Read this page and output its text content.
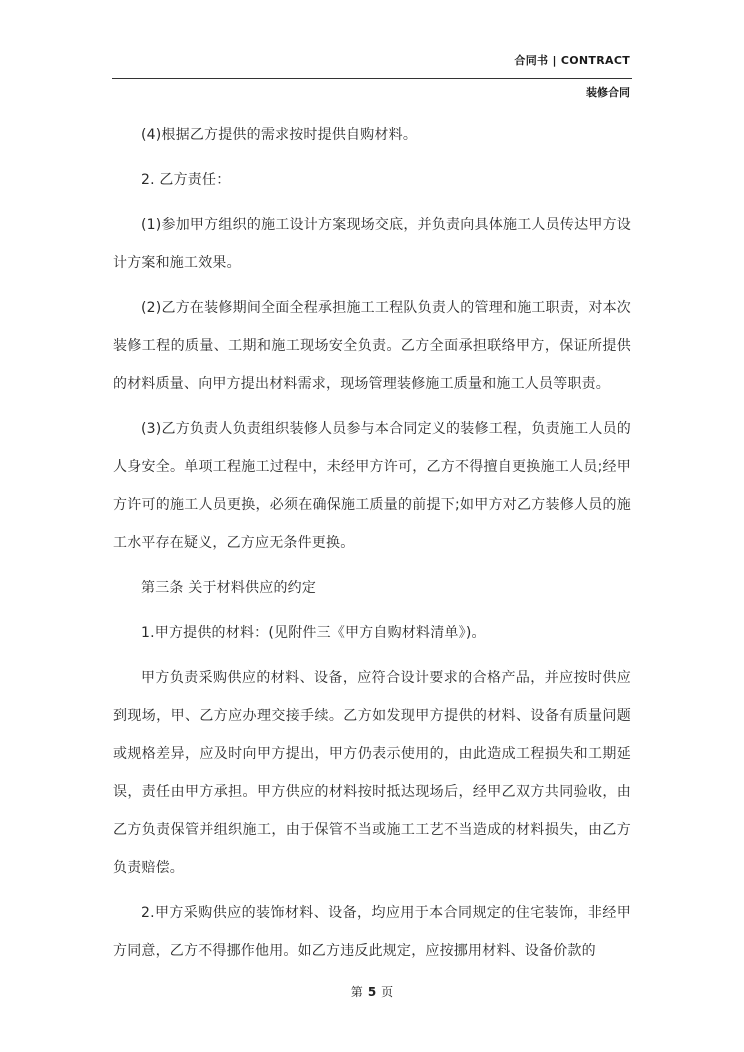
合同书 | CONTRACT
装修合同

(4)根据乙方提供的需求按时提供自购材料。

2. 乙方责任：

(1)参加甲方组织的施工设计方案现场交底，并负责向具体施工人员传达甲方设计方案和施工效果。

(2)乙方在装修期间全面全程承担施工工程队负责人的管理和施工职责，对本次装修工程的质量、工期和施工现场安全负责。乙方全面承担联络甲方，保证所提供的材料质量、向甲方提出材料需求，现场管理装修施工质量和施工人员等职责。

(3)乙方负责人负责组织装修人员参与本合同定义的装修工程，负责施工人员的人身安全。单项工程施工过程中，未经甲方许可，乙方不得擅自更换施工人员;经甲方许可的施工人员更换，必须在确保施工质量的前提下;如甲方对乙方装修人员的施工水平存在疑义，乙方应无条件更换。

第三条 关于材料供应的约定

1.甲方提供的材料：(见附件三《甲方自购材料清单》)。

甲方负责采购供应的材料、设备，应符合设计要求的合格产品，并应按时供应到现场，甲、乙方应办理交接手续。乙方如发现甲方提供的材料、设备有质量问题或规格差异，应及时向甲方提出，甲方仍表示使用的，由此造成工程损失和工期延误，责任由甲方承担。甲方供应的材料按时抵达现场后，经甲乙双方共同验收，由乙方负责保管并组织施工，由于保管不当或施工工艺不当造成的材料损失，由乙方负责赔偿。

2.甲方采购供应的装饰材料、设备，均应用于本合同规定的住宅装饰，非经甲方同意，乙方不得挪作他用。如乙方违反此规定，应按挪用材料、设备价款的

第 5 页
